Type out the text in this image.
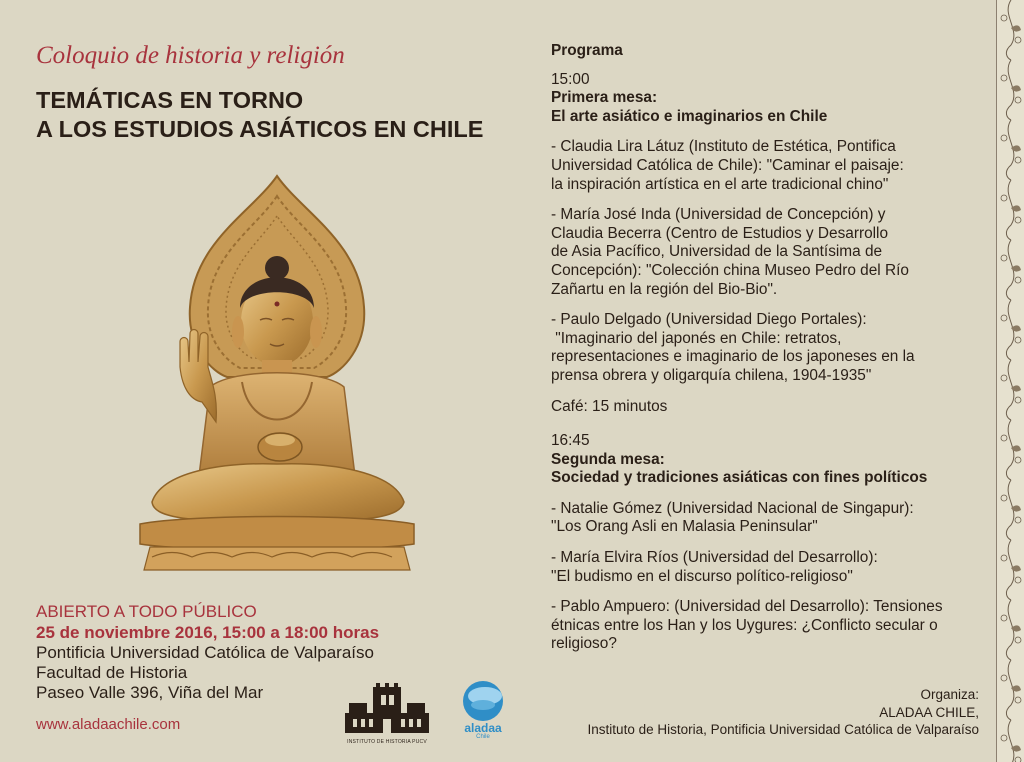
Coloquio de historia y religión
TEMÁTICAS EN TORNO
A LOS ESTUDIOS ASIÁTICOS EN CHILE
ABIERTO A TODO PÚBLICO
25 de noviembre 2016, 15:00 a 18:00 horas
Pontificia Universidad Católica de Valparaíso
Facultad de Historia
Paseo Valle 396, Viña del Mar
www.aladaachile.com
INSTITUTO DE HISTORIA PUCV
aladaa
Chile
Programa
15:00
Primera mesa:
El arte asiático e imaginarios en Chile
- Claudia Lira Látuz (Instituto de Estética, Pontifica
Universidad Católica de Chile): "Caminar el paisaje:
la inspiración artística en el arte tradicional chino"
- María José Inda (Universidad de Concepción) y
Claudia Becerra (Centro de Estudios y Desarrollo
de Asia Pacífico, Universidad de la Santísima de
Concepción): "Colección china Museo Pedro del Río
Zañartu en la región del Bio-Bio".
- Paulo Delgado (Universidad Diego Portales):
"Imaginario del japonés en Chile: retratos,
representaciones e imaginario de los japoneses en la
prensa obrera y oligarquía chilena, 1904-1935"
Café: 15 minutos
16:45
Segunda mesa:
Sociedad y tradiciones asiáticas con fines políticos
- Natalie Gómez (Universidad Nacional de Singapur):
"Los Orang Asli en Malasia Peninsular"
- María Elvira Ríos (Universidad del Desarrollo):
"El budismo en el discurso político-religioso"
- Pablo Ampuero: (Universidad del Desarrollo): Tensiones
étnicas entre los Han y los Uygures: ¿Conflicto secular o
religioso?
Organiza:
ALADAA CHILE,
Instituto de Historia, Pontificia Universidad Católica de Valparaíso
